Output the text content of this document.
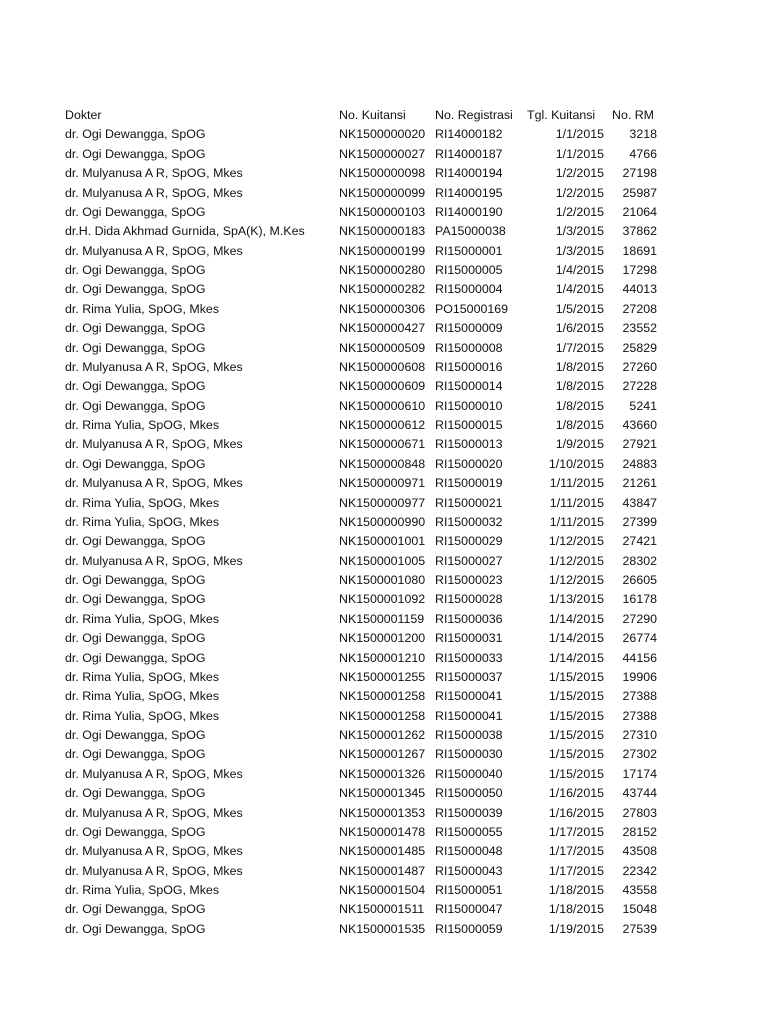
Dokter	No. Kuitansi	No. Registrasi	Tgl. Kuitansi	No. RM
dr. Ogi Dewangga, SpOG	NK1500000020	RI14000182	1/1/2015	3218
dr. Ogi Dewangga, SpOG	NK1500000027	RI14000187	1/1/2015	4766
dr. Mulyanusa A R, SpOG, Mkes	NK1500000098	RI14000194	1/2/2015	27198
dr. Mulyanusa A R, SpOG, Mkes	NK1500000099	RI14000195	1/2/2015	25987
dr. Ogi Dewangga, SpOG	NK1500000103	RI14000190	1/2/2015	21064
dr.H. Dida Akhmad Gurnida, SpA(K), M.Kes	NK1500000183	PA15000038	1/3/2015	37862
dr. Mulyanusa A R, SpOG, Mkes	NK1500000199	RI15000001	1/3/2015	18691
dr. Ogi Dewangga, SpOG	NK1500000280	RI15000005	1/4/2015	17298
dr. Ogi Dewangga, SpOG	NK1500000282	RI15000004	1/4/2015	44013
dr. Rima Yulia, SpOG, Mkes	NK1500000306	PO15000169	1/5/2015	27208
dr. Ogi Dewangga, SpOG	NK1500000427	RI15000009	1/6/2015	23552
dr. Ogi Dewangga, SpOG	NK1500000509	RI15000008	1/7/2015	25829
dr. Mulyanusa A R, SpOG, Mkes	NK1500000608	RI15000016	1/8/2015	27260
dr. Ogi Dewangga, SpOG	NK1500000609	RI15000014	1/8/2015	27228
dr. Ogi Dewangga, SpOG	NK1500000610	RI15000010	1/8/2015	5241
dr. Rima Yulia, SpOG, Mkes	NK1500000612	RI15000015	1/8/2015	43660
dr. Mulyanusa A R, SpOG, Mkes	NK1500000671	RI15000013	1/9/2015	27921
dr. Ogi Dewangga, SpOG	NK1500000848	RI15000020	1/10/2015	24883
dr. Mulyanusa A R, SpOG, Mkes	NK1500000971	RI15000019	1/11/2015	21261
dr. Rima Yulia, SpOG, Mkes	NK1500000977	RI15000021	1/11/2015	43847
dr. Rima Yulia, SpOG, Mkes	NK1500000990	RI15000032	1/11/2015	27399
dr. Ogi Dewangga, SpOG	NK1500001001	RI15000029	1/12/2015	27421
dr. Mulyanusa A R, SpOG, Mkes	NK1500001005	RI15000027	1/12/2015	28302
dr. Ogi Dewangga, SpOG	NK1500001080	RI15000023	1/12/2015	26605
dr. Ogi Dewangga, SpOG	NK1500001092	RI15000028	1/13/2015	16178
dr. Rima Yulia, SpOG, Mkes	NK1500001159	RI15000036	1/14/2015	27290
dr. Ogi Dewangga, SpOG	NK1500001200	RI15000031	1/14/2015	26774
dr. Ogi Dewangga, SpOG	NK1500001210	RI15000033	1/14/2015	44156
dr. Rima Yulia, SpOG, Mkes	NK1500001255	RI15000037	1/15/2015	19906
dr. Rima Yulia, SpOG, Mkes	NK1500001258	RI15000041	1/15/2015	27388
dr. Rima Yulia, SpOG, Mkes	NK1500001258	RI15000041	1/15/2015	27388
dr. Ogi Dewangga, SpOG	NK1500001262	RI15000038	1/15/2015	27310
dr. Ogi Dewangga, SpOG	NK1500001267	RI15000030	1/15/2015	27302
dr. Mulyanusa A R, SpOG, Mkes	NK1500001326	RI15000040	1/15/2015	17174
dr. Ogi Dewangga, SpOG	NK1500001345	RI15000050	1/16/2015	43744
dr. Mulyanusa A R, SpOG, Mkes	NK1500001353	RI15000039	1/16/2015	27803
dr. Ogi Dewangga, SpOG	NK1500001478	RI15000055	1/17/2015	28152
dr. Mulyanusa A R, SpOG, Mkes	NK1500001485	RI15000048	1/17/2015	43508
dr. Mulyanusa A R, SpOG, Mkes	NK1500001487	RI15000043	1/17/2015	22342
dr. Rima Yulia, SpOG, Mkes	NK1500001504	RI15000051	1/18/2015	43558
dr. Ogi Dewangga, SpOG	NK1500001511	RI15000047	1/18/2015	15048
dr. Ogi Dewangga, SpOG	NK1500001535	RI15000059	1/19/2015	27539
